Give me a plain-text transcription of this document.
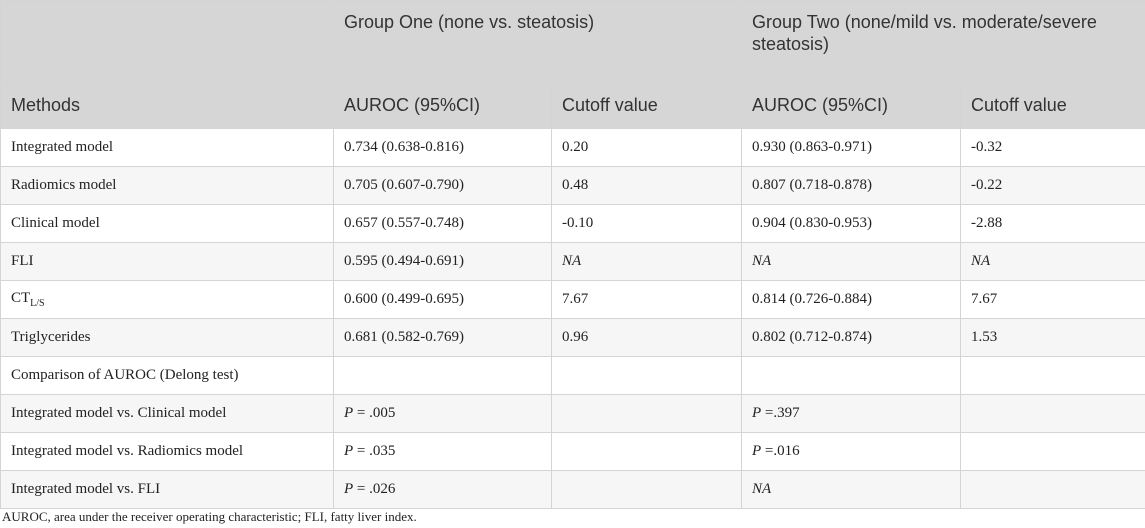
	Group One (none vs. steatosis)		Group Two (none/mild vs. moderate/severe steatosis)	
Methods	AUROC (95%CI)	Cutoff value	AUROC (95%CI)	Cutoff value
Integrated model	0.734 (0.638-0.816)	0.20	0.930 (0.863-0.971)	-0.32
Radiomics model	0.705 (0.607-0.790)	0.48	0.807 (0.718-0.878)	-0.22
Clinical model	0.657 (0.557-0.748)	-0.10	0.904 (0.830-0.953)	-2.88
FLI	0.595 (0.494-0.691)	NA	NA	NA
$CT_{L/S}$	0.600 (0.499-0.695)	7.67	0.814 (0.726-0.884)	7.67
Triglycerides	0.681 (0.582-0.769)	0.96	0.802 (0.712-0.874)	1.53
Comparison of AUROC (Delong test)				
Integrated model vs. Clinical model	P = .005		P =.397	
Integrated model vs. Radiomics model	P = .035		P =.016	
Integrated model vs. FLI	P = .026		NA	
AUROC, area under the receiver operating characteristic; FLI, fatty liver index.
